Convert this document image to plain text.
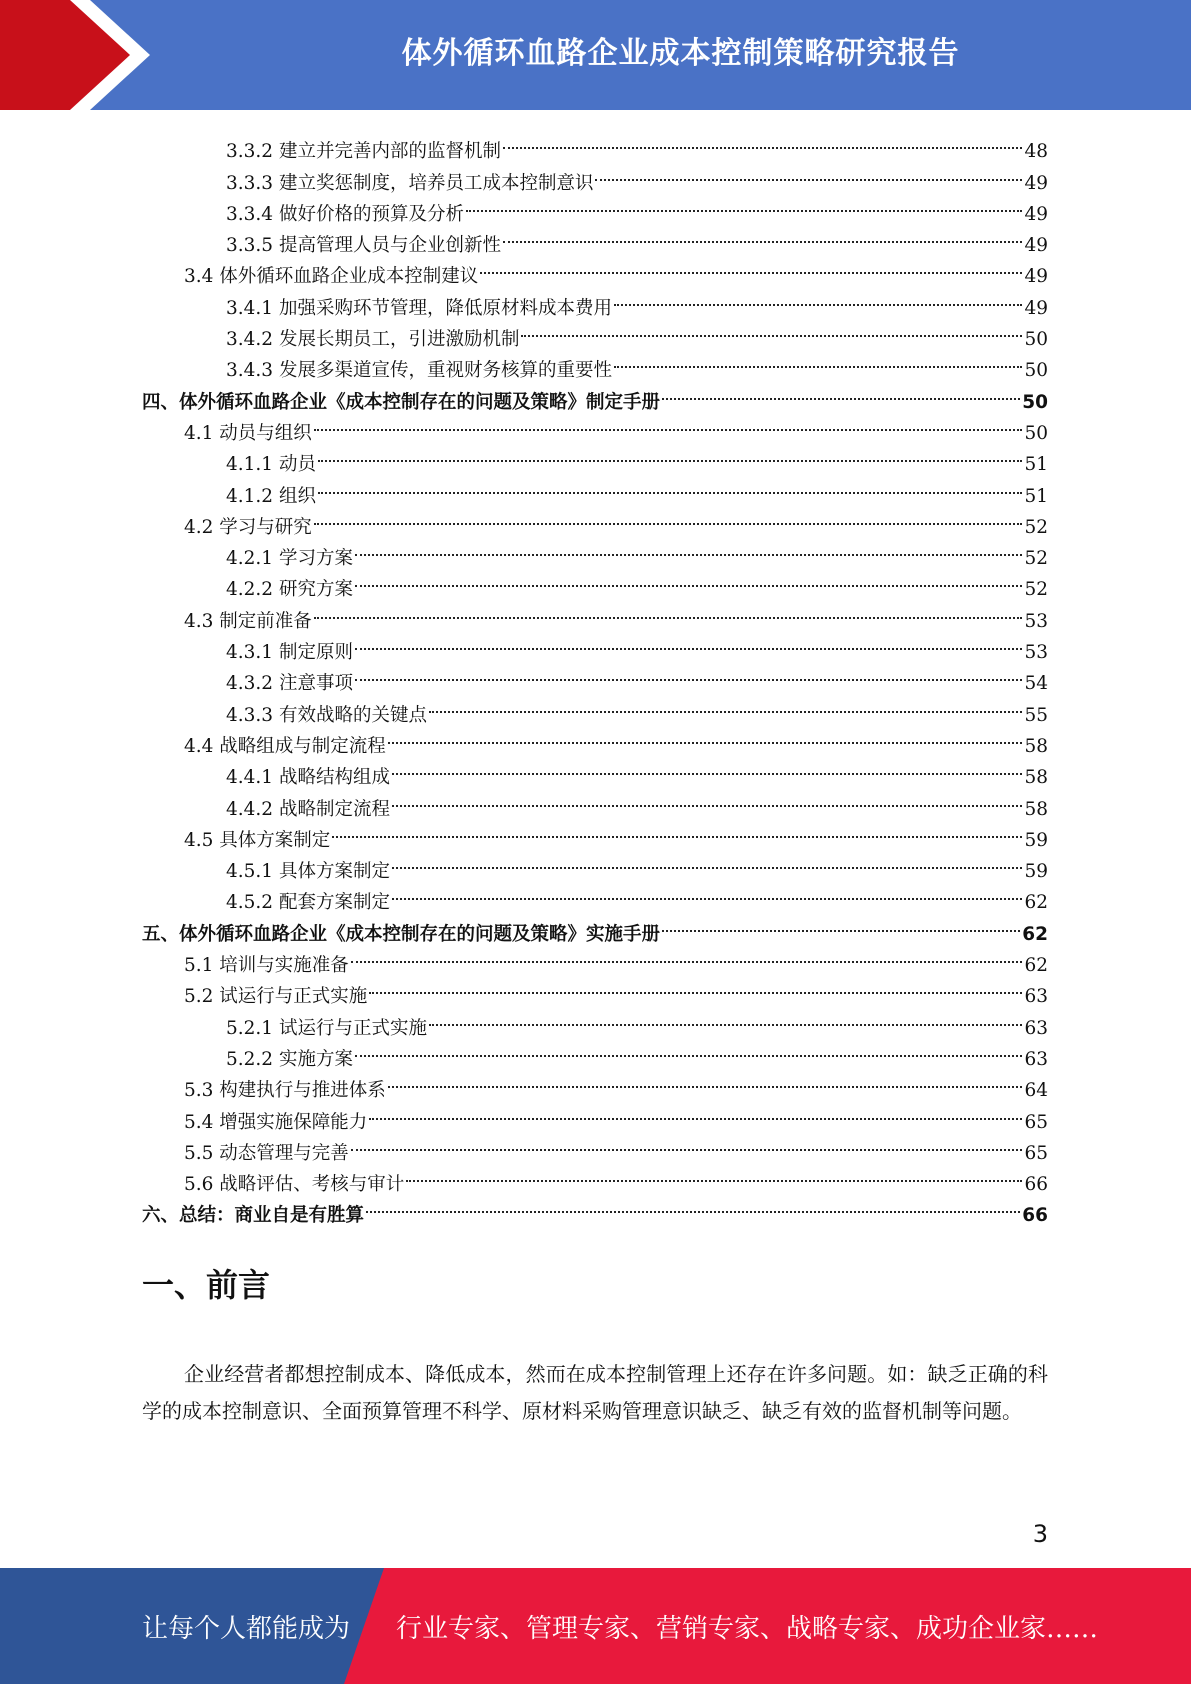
体外循环血路企业成本控制策略研究报告
3.3.2 建立并完善内部的监督机制	48
3.3.3 建立奖惩制度，培养员工成本控制意识	49
3.3.4 做好价格的预算及分析	49
3.3.5 提高管理人员与企业创新性	49
3.4 体外循环血路企业成本控制建议	49
3.4.1 加强采购环节管理，降低原材料成本费用	49
3.4.2 发展长期员工，引进激励机制	50
3.4.3 发展多渠道宣传，重视财务核算的重要性	50
四、体外循环血路企业《成本控制存在的问题及策略》制定手册	50
4.1 动员与组织	50
4.1.1 动员	51
4.1.2 组织	51
4.2 学习与研究	52
4.2.1 学习方案	52
4.2.2 研究方案	52
4.3 制定前准备	53
4.3.1 制定原则	53
4.3.2 注意事项	54
4.3.3 有效战略的关键点	55
4.4 战略组成与制定流程	58
4.4.1 战略结构组成	58
4.4.2 战略制定流程	58
4.5 具体方案制定	59
4.5.1 具体方案制定	59
4.5.2 配套方案制定	62
五、体外循环血路企业《成本控制存在的问题及策略》实施手册	62
5.1 培训与实施准备	62
5.2 试运行与正式实施	63
5.2.1 试运行与正式实施	63
5.2.2 实施方案	63
5.3 构建执行与推进体系	64
5.4 增强实施保障能力	65
5.5 动态管理与完善	65
5.6 战略评估、考核与审计	66
六、总结：商业自是有胜算	66
一、前言

企业经营者都想控制成本、降低成本，然而在成本控制管理上还存在许多问题。如：缺乏正确的科学的成本控制意识、全面预算管理不科学、原材料采购管理意识缺乏、缺乏有效的监督机制等问题。

3
让每个人都能成为 行业专家、管理专家、营销专家、战略专家、成功企业家……
